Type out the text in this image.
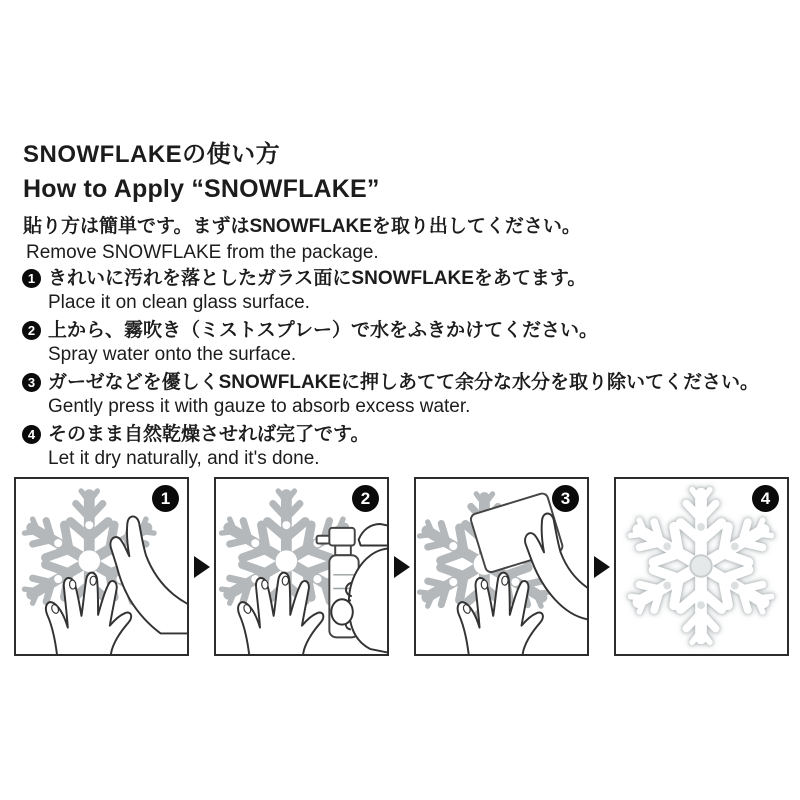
SNOWFLAKEの使い方
How to Apply “SNOWFLAKE”

貼り方は簡単です。まずはSNOWFLAKEを取り出してください。

Remove SNOWFLAKE from the package.

1 きれいに汚れを落としたガラス面にSNOWFLAKEをあてます。
Place it on clean glass surface.
2 上から、霧吹き（ミストスプレー）で水をふきかけてください。
Spray water onto the surface.
3 ガーゼなどを優しくSNOWFLAKEに押しあてて余分な水分を取り除いてください。
Gently press it with gauze to absorb excess water.
4 そのまま自然乾燥させれば完了です。
Let it dry naturally, and it's done.
1	2	3	4
